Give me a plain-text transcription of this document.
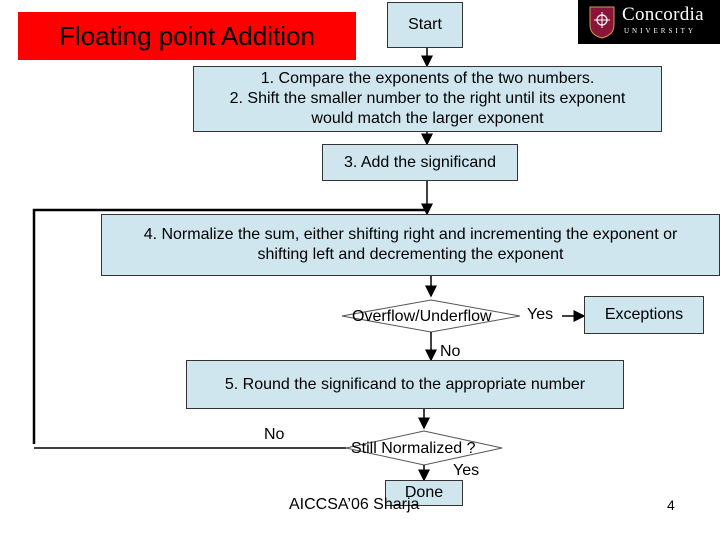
Floating point Addition
Concordia
UNIVERSITY
Start
1. Compare the exponents of the two numbers.
2. Shift the smaller number to the right until its exponent
would match the larger exponent
3. Add the significand
4. Normalize the sum, either shifting right and incrementing the exponent or
shifting left and decrementing the exponent
Overflow/Underflow Yes	Exceptions
No
5. Round the significand to the appropriate number
No
Still Normalized ?
Yes
Done
AICCSA’06 Sharja	4
